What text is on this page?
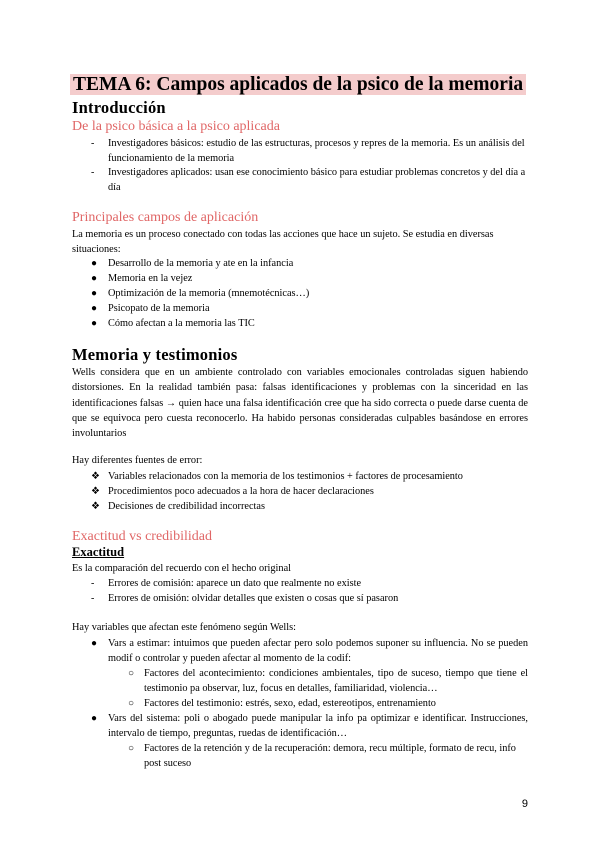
TEMA 6: Campos aplicados de la psico de la memoria
Introducción
De la psico básica a la psico aplicada
- Investigadores básicos: estudio de las estructuras, procesos y repres de la memoria. Es un análisis del funcionamiento de la memoria
- Investigadores aplicados: usan ese conocimiento básico para estudiar problemas concretos y del día a día
Principales campos de aplicación
La memoria es un proceso conectado con todas las acciones que hace un sujeto. Se estudia en diversas situaciones:
● Desarrollo de la memoria y ate en la infancia
● Memoria en la vejez
● Optimización de la memoria (mnemotécnicas…)
● Psicopato de la memoria
● Cómo afectan a la memoria las TIC
Memoria y testimonios
Wells considera que en un ambiente controlado con variables emocionales controladas siguen habiendo distorsiones. En la realidad también pasa: falsas identificaciones y problemas con la sinceridad en las identificaciones falsas → quien hace una falsa identificación cree que ha sido correcta o puede darse cuenta de que se equivoca pero cuesta reconocerlo. Ha habido personas consideradas culpables basándose en errores involuntarios
Hay diferentes fuentes de error:
❖ Variables relacionados con la memoria de los testimonios + factores de procesamiento
❖ Procedimientos poco adecuados a la hora de hacer declaraciones
❖ Decisiones de credibilidad incorrectas
Exactitud vs credibilidad
Exactitud
Es la comparación del recuerdo con el hecho original
- Errores de comisión: aparece un dato que realmente no existe
- Errores de omisión: olvidar detalles que existen o cosas que sí pasaron
Hay variables que afectan este fenómeno según Wells:
● Vars a estimar: intuimos que pueden afectar pero solo podemos suponer su influencia. No se pueden modif o controlar y pueden afectar al momento de la codif:
○ Factores del acontecimiento: condiciones ambientales, tipo de suceso, tiempo que tiene el testimonio pa observar, luz, focus en detalles, familiaridad, violencia…
○ Factores del testimonio: estrés, sexo, edad, estereotipos, entrenamiento
● Vars del sistema: poli o abogado puede manipular la info pa optimizar e identificar. Instrucciones, intervalo de tiempo, preguntas, ruedas de identificación…
○ Factores de la retención y de la recuperación: demora, recu múltiple, formato de recu, info post suceso
9
